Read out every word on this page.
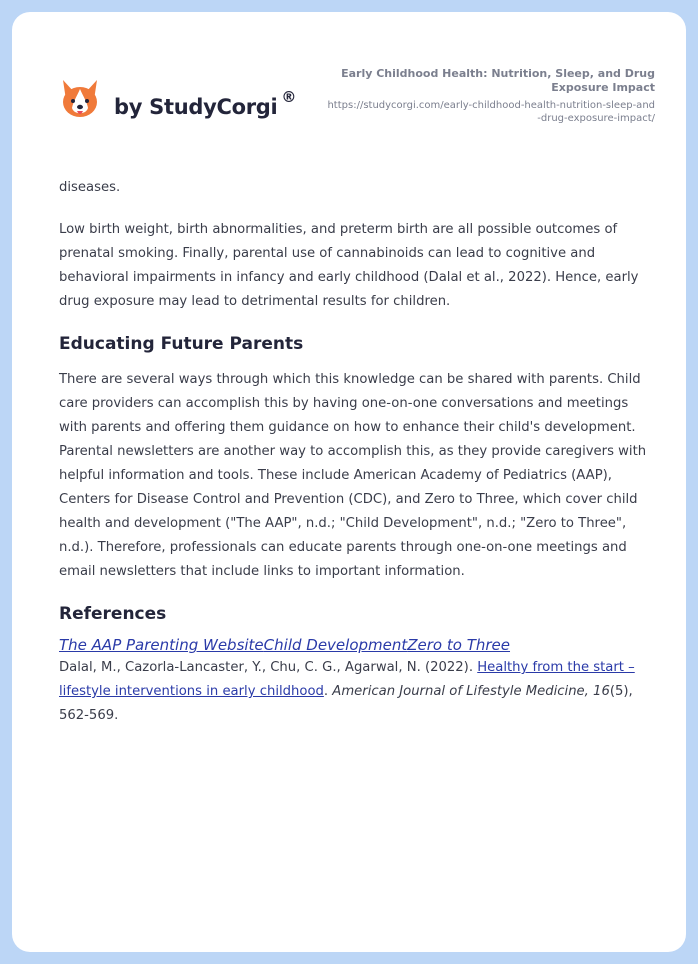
by StudyCorgi ®
Early Childhood Health: Nutrition, Sleep, and Drug Exposure Impact
https://studycorgi.com/early-childhood-health-nutrition-sleep-and-drug-exposure-impact/

diseases.

Low birth weight, birth abnormalities, and preterm birth are all possible outcomes of prenatal smoking. Finally, parental use of cannabinoids can lead to cognitive and behavioral impairments in infancy and early childhood (Dalal et al., 2022). Hence, early drug exposure may lead to detrimental results for children.

Educating Future Parents

There are several ways through which this knowledge can be shared with parents. Child care providers can accomplish this by having one-on-one conversations and meetings with parents and offering them guidance on how to enhance their child's development. Parental newsletters are another way to accomplish this, as they provide caregivers with helpful information and tools. These include American Academy of Pediatrics (AAP), Centers for Disease Control and Prevention (CDC), and Zero to Three, which cover child health and development ("The AAP", n.d.; "Child Development", n.d.; "Zero to Three", n.d.). Therefore, professionals can educate parents through one-on-one meetings and email newsletters that include links to important information.

References
The AAP Parenting WebsiteChild DevelopmentZero to Three

Dalal, M., Cazorla-Lancaster, Y., Chu, C. G., Agarwal, N. (2022). Healthy from the start – lifestyle interventions in early childhood. American Journal of Lifestyle Medicine, 16(5), 562-569.
